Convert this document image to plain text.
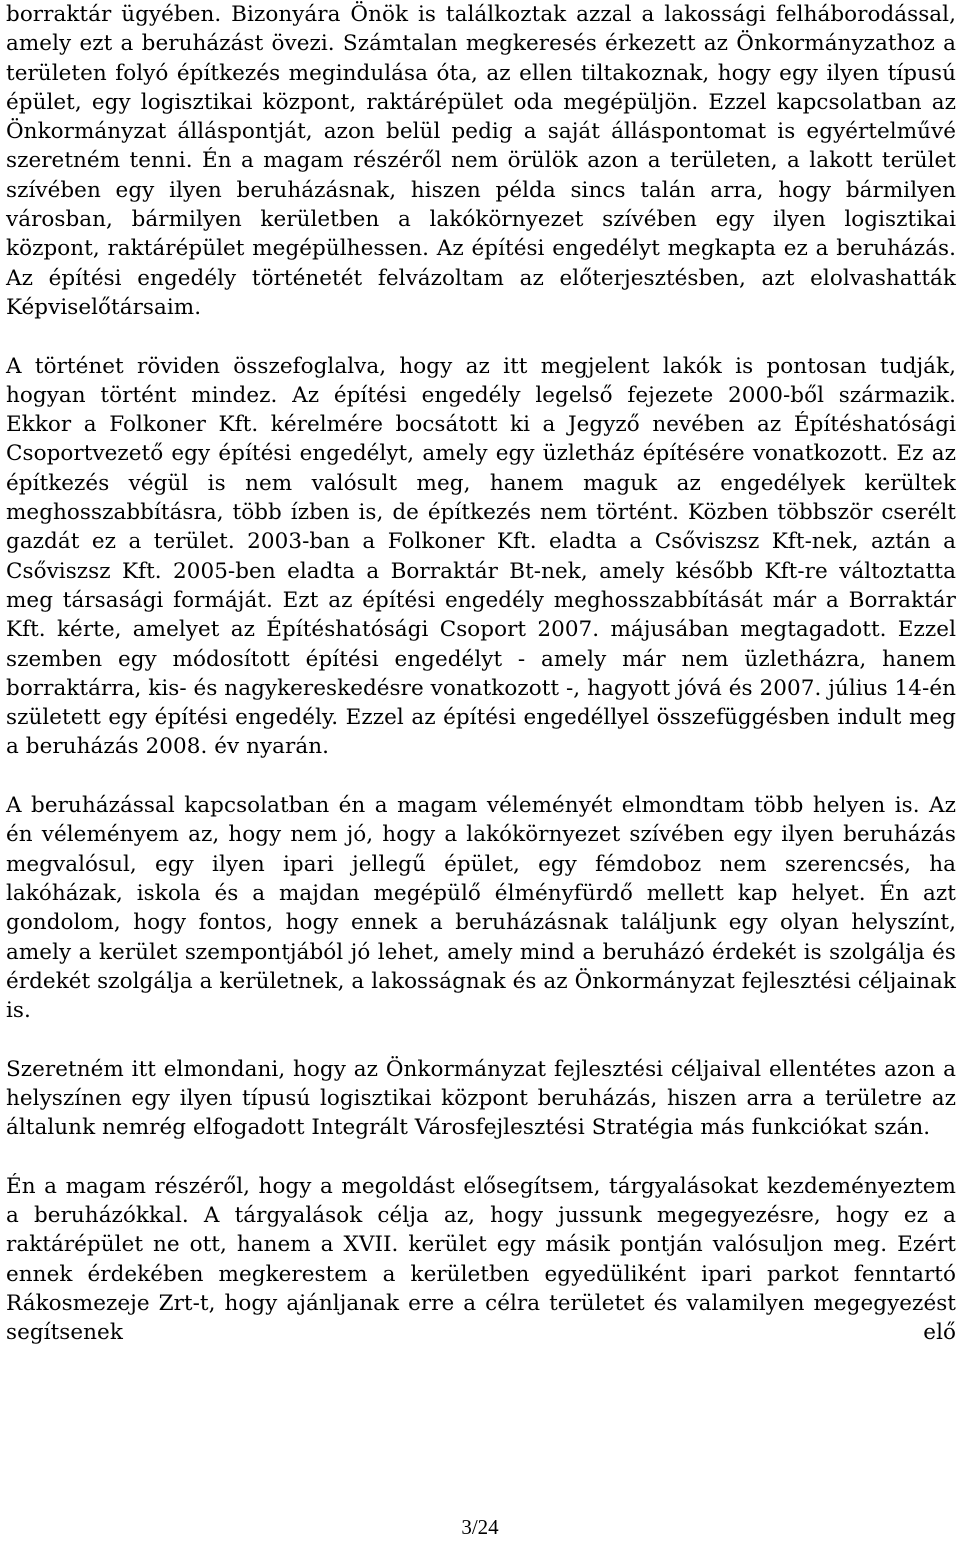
borraktár ügyében. Bizonyára Önök is találkoztak azzal a lakossági felháborodással, amely ezt a beruházást övezi. Számtalan megkeresés érkezett az Önkormányzathoz a területen folyó építkezés megindulása óta, az ellen tiltakoznak, hogy egy ilyen típusú épület, egy logisztikai központ, raktárépület oda megépüljön. Ezzel kapcsolatban az Önkormányzat álláspontját, azon belül pedig a saját álláspontomat is egyértelművé szeretném tenni. Én a magam részéről nem örülök azon a területen, a lakott terület szívében egy ilyen beruházásnak, hiszen példa sincs talán arra, hogy bármilyen városban, bármilyen kerületben a lakókörnyezet szívében egy ilyen logisztikai központ, raktárépület megépülhessen. Az építési engedélyt megkapta ez a beruházás. Az építési engedély történetét felvázoltam az előterjesztésben, azt elolvashatták Képviselőtársaim.

A történet röviden összefoglalva, hogy az itt megjelent lakók is pontosan tudják, hogyan történt mindez. Az építési engedély legelső fejezete 2000-ből származik. Ekkor a Folkoner Kft. kérelmére bocsátott ki a Jegyző nevében az Építéshatósági Csoportvezető egy építési engedélyt, amely egy üzletház építésére vonatkozott. Ez az építkezés végül is nem valósult meg, hanem maguk az engedélyek kerültek meghosszabbításra, több ízben is, de építkezés nem történt. Közben többször cserélt gazdát ez a terület. 2003-ban a Folkoner Kft. eladta a Csőviszsz Kft-nek, aztán a Csőviszsz Kft. 2005-ben eladta a Borraktár Bt-nek, amely később Kft-re változtatta meg társasági formáját. Ezt az építési engedély meghosszabbítását már a Borraktár Kft. kérte, amelyet az Építéshatósági Csoport 2007. májusában megtagadott. Ezzel szemben egy módosított építési engedélyt - amely már nem üzletházra, hanem borraktárra, kis- és nagykereskedésre vonatkozott -, hagyott jóvá és 2007. július 14-én született egy építési engedély. Ezzel az építési engedéllyel összefüggésben indult meg a beruházás 2008. év nyarán.

A beruházással kapcsolatban én a magam véleményét elmondtam több helyen is. Az én véleményem az, hogy nem jó, hogy a lakókörnyezet szívében egy ilyen beruházás megvalósul, egy ilyen ipari jellegű épület, egy fémdoboz nem szerencsés, ha lakóházak, iskola és a majdan megépülő élményfürdő mellett kap helyet. Én azt gondolom, hogy fontos, hogy ennek a beruházásnak találjunk egy olyan helyszínt, amely a kerület szempontjából jó lehet, amely mind a beruházó érdekét is szolgálja és érdekét szolgálja a kerületnek, a lakosságnak és az Önkormányzat fejlesztési céljainak is.

Szeretném itt elmondani, hogy az Önkormányzat fejlesztési céljaival ellentétes azon a helyszínen egy ilyen típusú logisztikai központ beruházás, hiszen arra a területre az általunk nemrég elfogadott Integrált Városfejlesztési Stratégia más funkciókat szán.

Én a magam részéről, hogy a megoldást elősegítsem, tárgyalásokat kezdeményeztem a beruházókkal. A tárgyalások célja az, hogy jussunk megegyezésre, hogy ez a raktárépület ne ott, hanem a XVII. kerület egy másik pontján valósuljon meg. Ezért ennek érdekében megkerestem a kerületben egyedüliként ipari parkot fenntartó Rákosmezeje Zrt-t, hogy ajánljanak erre a célra területet és valamilyen megegyezést segítsenek elő

3/24
